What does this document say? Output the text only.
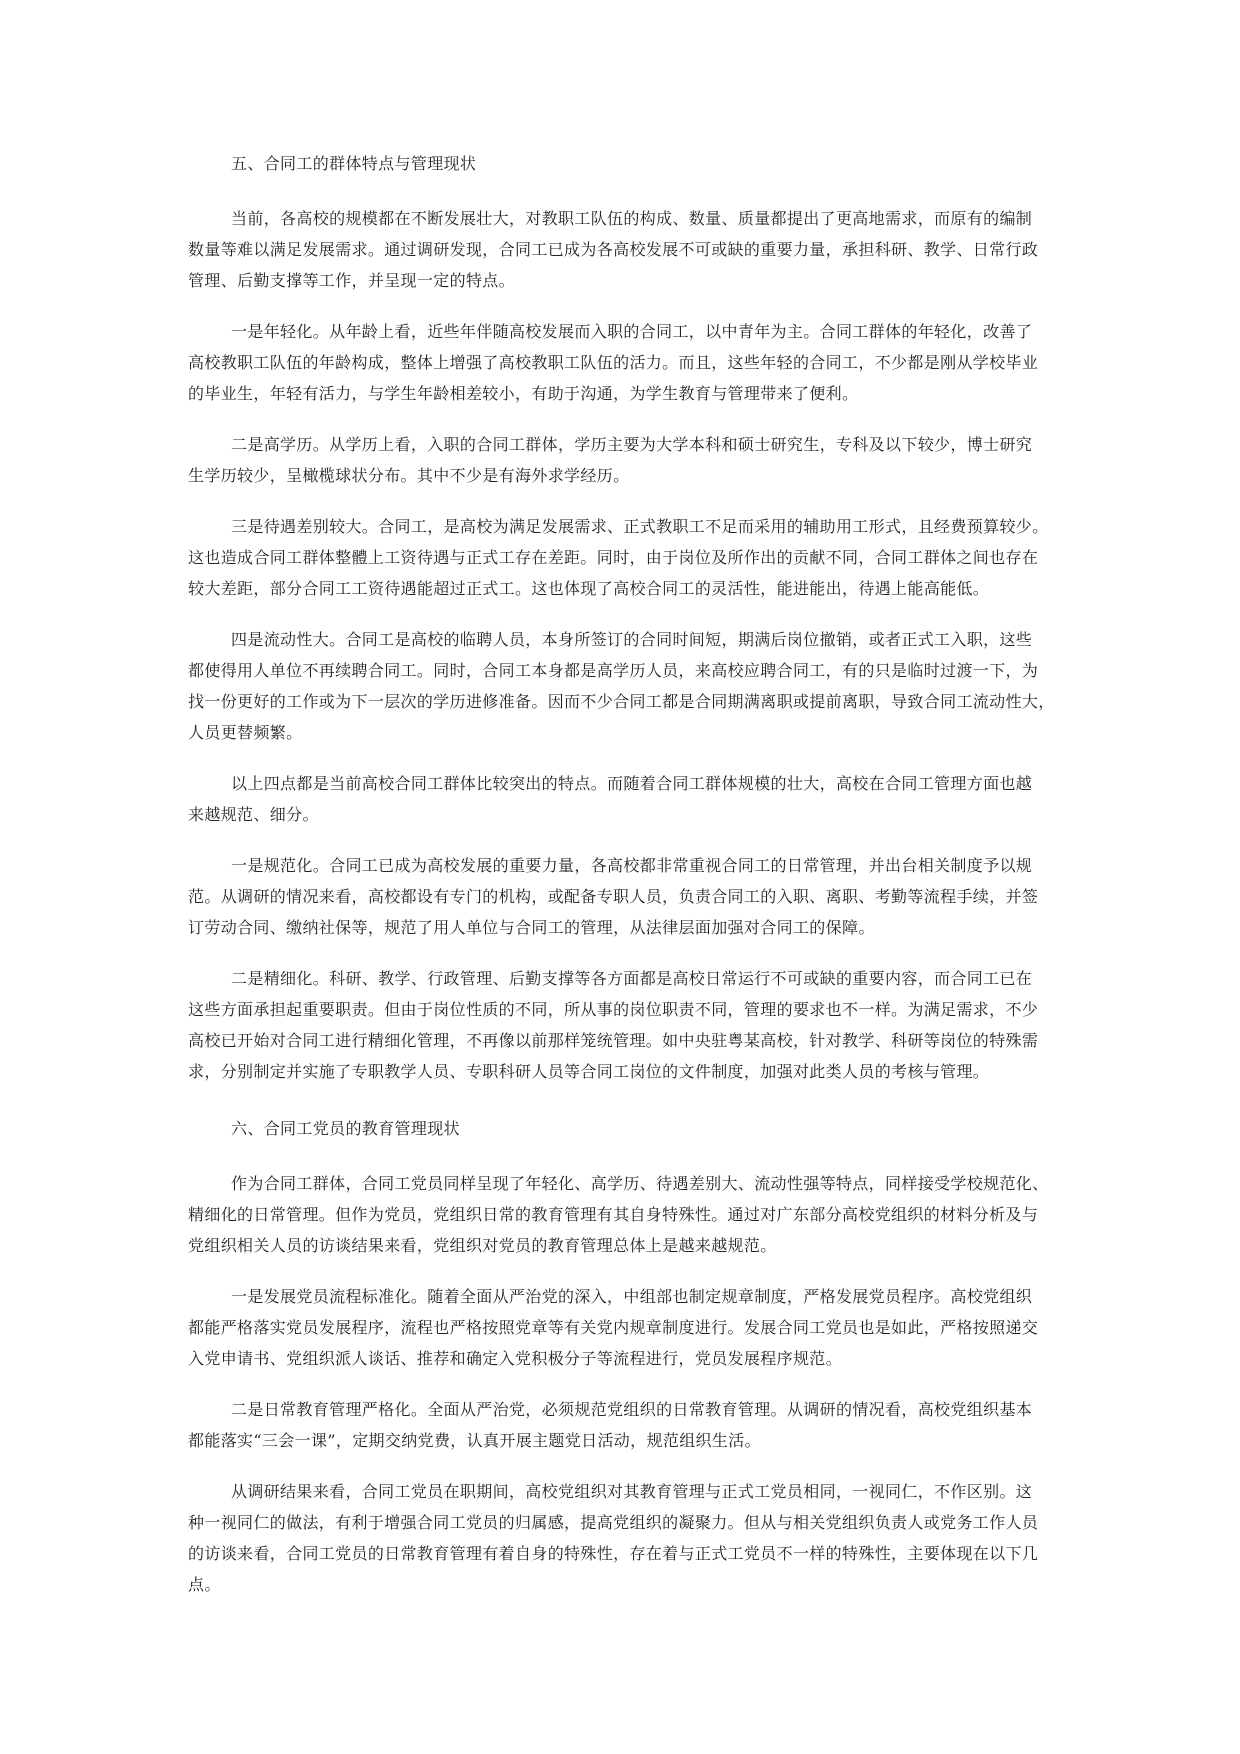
五、合同工的群体特点与管理现状
当前，各高校的规模都在不断发展壮大，对教职工队伍的构成、数量、质量都提出了更高地需求，而原有的编制
数量等难以满足发展需求。通过调研发现，合同工已成为各高校发展不可或缺的重要力量，承担科研、教学、日常行政
管理、后勤支撑等工作，并呈现一定的特点。
一是年轻化。从年龄上看，近些年伴随高校发展而入职的合同工，以中青年为主。合同工群体的年轻化，改善了
高校教职工队伍的年龄构成，整体上增强了高校教职工队伍的活力。而且，这些年轻的合同工，不少都是刚从学校毕业
的毕业生，年轻有活力，与学生年龄相差较小，有助于沟通，为学生教育与管理带来了便利。
二是高学历。从学历上看，入职的合同工群体，学历主要为大学本科和硕士研究生，专科及以下较少，博士研究
生学历较少，呈橄榄球状分布。其中不少是有海外求学经历。
三是待遇差别较大。合同工，是高校为满足发展需求、正式教职工不足而采用的辅助用工形式，且经费预算较少。
这也造成合同工群体整體上工资待遇与正式工存在差距。同时，由于岗位及所作出的贡献不同，合同工群体之间也存在
较大差距，部分合同工工资待遇能超过正式工。这也体现了高校合同工的灵活性，能进能出，待遇上能高能低。
四是流动性大。合同工是高校的临聘人员，本身所签订的合同时间短，期满后岗位撤销，或者正式工入职，这些
都使得用人单位不再续聘合同工。同时，合同工本身都是高学历人员，来高校应聘合同工，有的只是临时过渡一下，为
找一份更好的工作或为下一层次的学历进修准备。因而不少合同工都是合同期满离职或提前离职，导致合同工流动性大，
人员更替频繁。
以上四点都是当前高校合同工群体比较突出的特点。而随着合同工群体规模的壮大，高校在合同工管理方面也越
来越规范、细分。
一是规范化。合同工已成为高校发展的重要力量，各高校都非常重视合同工的日常管理，并出台相关制度予以规
范。从调研的情况来看，高校都设有专门的机构，或配备专职人员，负责合同工的入职、离职、考勤等流程手续，并签
订劳动合同、缴纳社保等，规范了用人单位与合同工的管理，从法律层面加强对合同工的保障。
二是精细化。科研、教学、行政管理、后勤支撑等各方面都是高校日常运行不可或缺的重要内容，而合同工已在
这些方面承担起重要职责。但由于岗位性质的不同，所从事的岗位职责不同，管理的要求也不一样。为满足需求，不少
高校已开始对合同工进行精细化管理，不再像以前那样笼统管理。如中央驻粤某高校，针对教学、科研等岗位的特殊需
求，分别制定并实施了专职教学人员、专职科研人员等合同工岗位的文件制度，加强对此类人员的考核与管理。
六、合同工党员的教育管理现状
作为合同工群体，合同工党员同样呈现了年轻化、高学历、待遇差别大、流动性强等特点，同样接受学校规范化、
精细化的日常管理。但作为党员，党组织日常的教育管理有其自身特殊性。通过对广东部分高校党组织的材料分析及与
党组织相关人员的访谈结果来看，党组织对党员的教育管理总体上是越来越规范。
一是发展党员流程标准化。随着全面从严治党的深入，中组部也制定规章制度，严格发展党员程序。高校党组织
都能严格落实党员发展程序，流程也严格按照党章等有关党内规章制度进行。发展合同工党员也是如此，严格按照递交
入党申请书、党组织派人谈话、推荐和确定入党积极分子等流程进行，党员发展程序规范。
二是日常教育管理严格化。全面从严治党，必须规范党组织的日常教育管理。从调研的情况看，高校党组织基本
都能落实“三会一课”，定期交纳党费，认真开展主题党日活动，规范组织生活。
从调研结果来看，合同工党员在职期间，高校党组织对其教育管理与正式工党员相同，一视同仁，不作区别。这
种一视同仁的做法，有利于增强合同工党员的归属感，提高党组织的凝聚力。但从与相关党组织负责人或党务工作人员
的访谈来看，合同工党员的日常教育管理有着自身的特殊性，存在着与正式工党员不一样的特殊性，主要体现在以下几
点。
